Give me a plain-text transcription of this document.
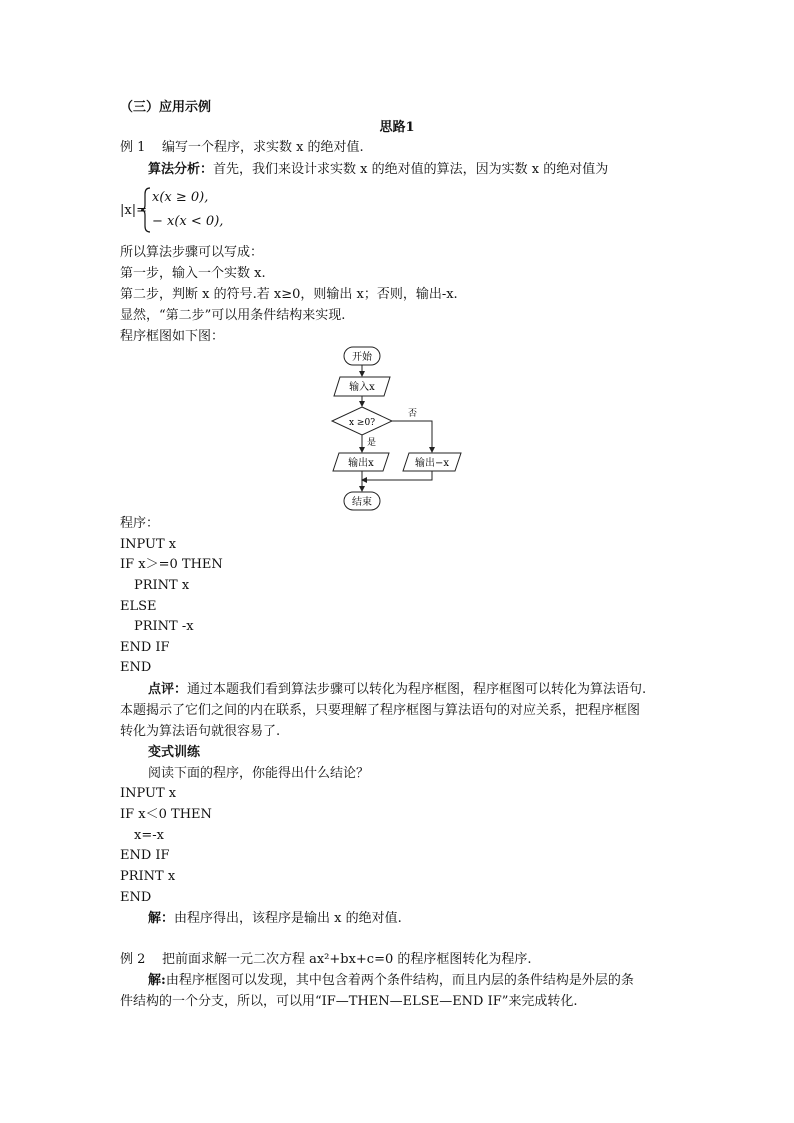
（三）应用示例
思路1
例 1 编写一个程序，求实数 x 的绝对值.
算法分析：首先，我们来设计求实数 x 的绝对值的算法，因为实数 x 的绝对值为
|x|=
x(x ≥ 0),
− x(x < 0),
所以算法步骤可以写成：
第一步，输入一个实数 x.
第二步，判断 x 的符号.若 x≥0，则输出 x；否则，输出-x.
显然，“第二步”可以用条件结构来实现.
程序框图如下图：
开始
输入x
x ≥0?
否
是
输出x	输出−x
结束
程序：
INPUT x
IF x＞=0 THEN
PRINT x
ELSE
PRINT -x
END IF
END
点评：通过本题我们看到算法步骤可以转化为程序框图，程序框图可以转化为算法语句.
本题揭示了它们之间的内在联系，只要理解了程序框图与算法语句的对应关系，把程序框图
转化为算法语句就很容易了.
变式训练
阅读下面的程序，你能得出什么结论？
INPUT x
IF x＜0 THEN
x=-x
END IF
PRINT x
END
解：由程序得出，该程序是输出 x 的绝对值.
例 2 把前面求解一元二次方程 ax²+bx+c=0 的程序框图转化为程序.
解:由程序框图可以发现，其中包含着两个条件结构，而且内层的条件结构是外层的条
件结构的一个分支，所以，可以用“IF—THEN—ELSE—END IF”来完成转化.
